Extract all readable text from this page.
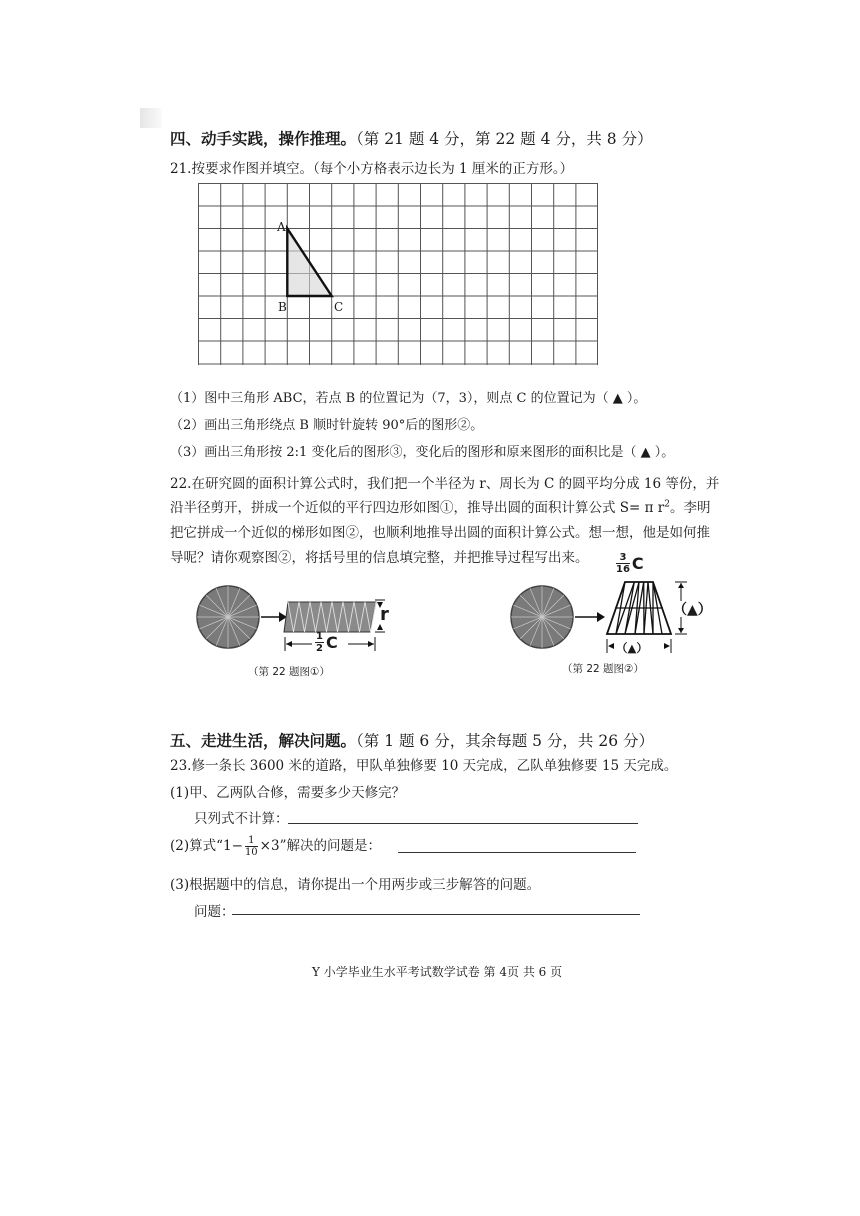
四、动手实践，操作推理。（第 21 题 4 分，第 22 题 4 分，共 8 分）
21.按要求作图并填空。（每个小方格表示边长为 1 厘米的正方形。）
A
B	C
（1）图中三角形 ABC，若点 B 的位置记为（7，3），则点 C 的位置记为（ ▲ ）。
（2）画出三角形绕点 B 顺时针旋转 90°后的图形②。
（3）画出三角形按 2:1 变化后的图形③，变化后的图形和原来图形的面积比是（ ▲ ）。
22.在研究圆的面积计算公式时，我们把一个半径为 r、周长为 C 的圆平均分成 16 等份，并
沿半径剪开，拼成一个近似的平行四边形如图①，推导出圆的面积计算公式 S= π $r^2$。李明
把它拼成一个近似的梯形如图②，也顺利地推导出圆的面积计算公式。想一想，他是如何推
导呢？请你观察图②，将括号里的信息填完整，并把推导过程写出来。
r
$\frac{1}{2}$ C
（第 22 题图①）
$\frac{3}{16}$ C
（▲）
（▲）
（第 22 题图②）
五、走进生活，解决问题。（第 1 题 6 分，其余每题 5 分，共 26 分）
23.修一条长 3600 米的道路，甲队单独修要 10 天完成，乙队单独修要 15 天完成。
(1)甲、乙两队合修，需要多少天修完？
只列式不计算：
(2)算式“$1- \frac{1}{10} \times 3$”解决的问题是：
(3)根据题中的信息，请你提出一个用两步或三步解答的问题。
问题：
Y 小学毕业生水平考试数学试卷 第 4页 共 6 页
